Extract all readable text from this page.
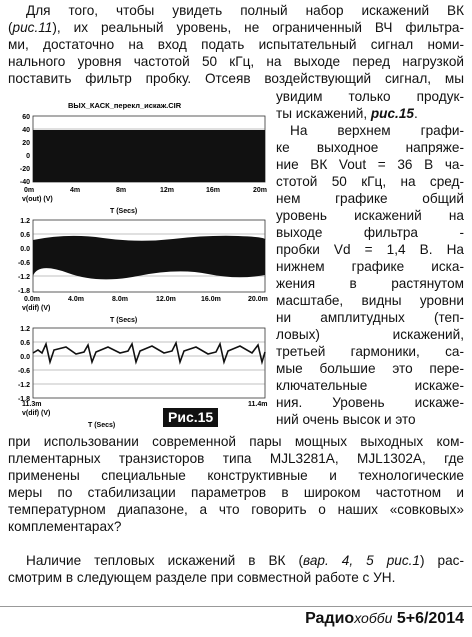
Для того, чтобы увидеть полный набор искажений ВК
(рис.11), их реальный уровень, не ограниченный ВЧ фильтра-
ми, достаточно на вход подать испытательный сигнал номи-
нального уровня частотой 50 кГц, на выходе перед нагрузкой
поставить фильтр пробку. Отсеяв воздействующий сигнал, мы
увидим только продук-
ты искажений, рис.15.
На верхнем графи-
ке выходное напряже-
ние ВК Vout = 36 В ча-
стотой 50 кГц, на сред-
нем графике общий
уровень искажений на
выходе фильтра -
пробки Vd = 1,4 В. На
нижнем графике иска-
жения в растянутом
масштабе, видны уровни
ни амплитудных (теп-
ловых) искажений,
третьей гармоники, са-
мые большие это пере-
ключательные искаже-
ния. Уровень искаже-
ний очень высок и это
при использовании современной пары мощных выходных ком-
плементарных транзисторов типа MJL3281A, MJL1302A, где
применены специальные конструктивные и технологические
меры по стабилизации параметров в широком частотном и
температурном диапазоне, а что говорить о наших «совковых»
комплементарах?
ВЫХ_КАСК_перекл_искаж.CIR
60
40
20
0
-20
-40
0m	4m	8m	12m	16m	20m
v(out) (V)
T (Secs)
1.2
0.6
0.0
-0.6
-1.2
-1.8
0.0m	4.0m	8.0m	12.0m	16.0m	20.0m
v(dif) (V)
T (Secs)
1.2
0.6
0.0
-0.6
-1.2
-1.8
11.3m	11.4m
v(dif) (V)
T (Secs)
Рис.15
Наличие тепловых искажений в ВК (вар. 4, 5 рис.1) рас-
смотрим в следующем разделе при совместной работе с УН.
Радиохобби 5+6/2014
